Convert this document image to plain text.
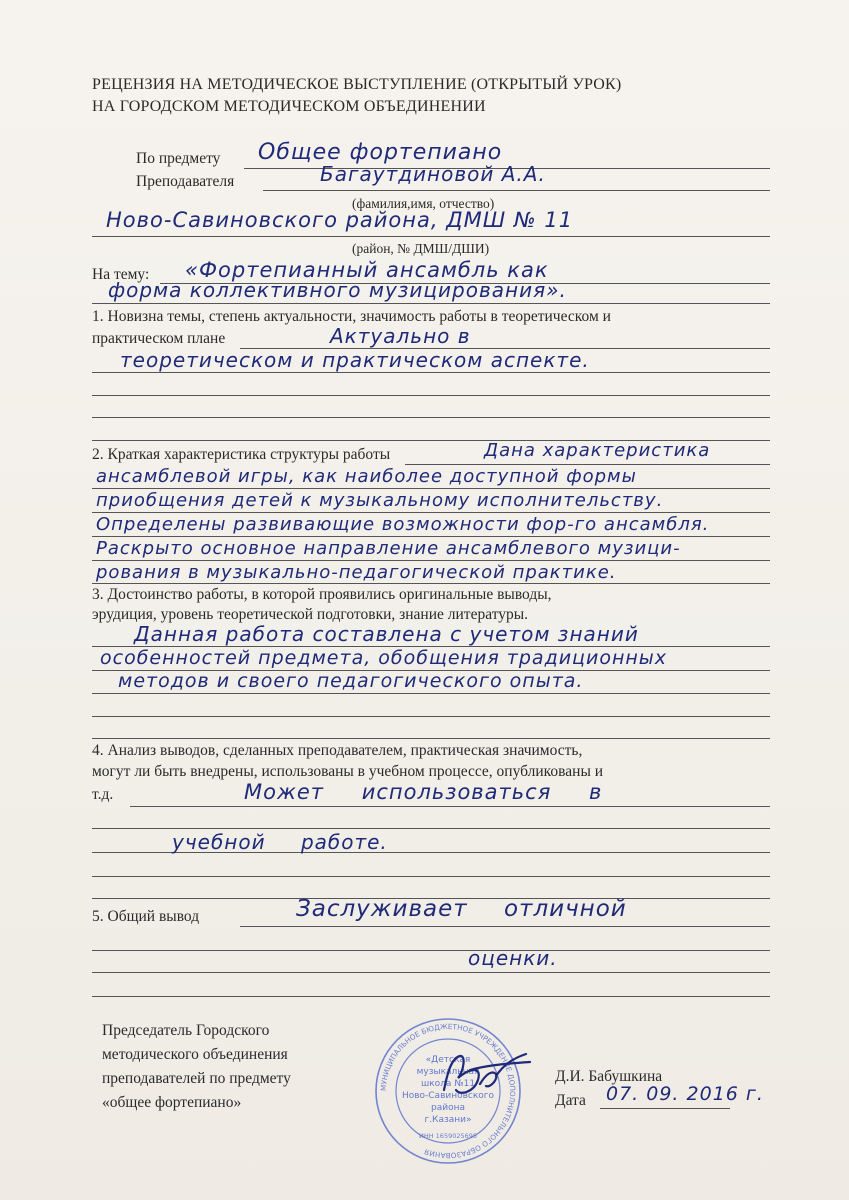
РЕЦЕНЗИЯ НА МЕТОДИЧЕСКОЕ ВЫСТУПЛЕНИЕ (ОТКРЫТЫЙ УРОК)
НА ГОРОДСКОМ МЕТОДИЧЕСКОМ ОБЪЕДИНЕНИИ
По предмету Общее фортепиано
Преподавателя	Багаутдиновой А.А.
(фамилия,имя, отчество)
Ново-Савиновского района, ДМШ № 11
(район, № ДМШ/ДШИ)
На тему: «Фортепианный ансамбль как
форма коллективного музицирования».
1. Новизна темы, степень актуальности, значимость работы в теоретическом и
практическом плане	Актуально в
теоретическом и практическом аспекте.
2. Краткая характеристика структуры работы	Дана характеристика
ансамблевой игры, как наиболее доступной формы
приобщения детей к музыкальному исполнительству.
Определены развивающие возможности фор-го ансамбля.
Раскрыто основное направление ансамблевого музици-
рования в музыкально-педагогической практике.
3. Достоинство работы, в которой проявились оригинальные выводы,
эрудиция, уровень теоретической подготовки, знание литературы.
Данная работа составлена с учетом знаний
особенностей предмета, обобщения традиционных
методов и своего педагогического опыта.
4. Анализ выводов, сделанных преподавателем, практическая значимость,
могут ли быть внедрены, использованы в учебном процессе, опубликованы и
т.д.	Может использоваться в
учебной работе.
5. Общий вывод	Заслуживает отличной
оценки.
Председатель Городского
методического объединения
преподавателей по предмету
«общее фортепиано»
Д.И. Бабушкина
Дата 07. 09. 2016 г.
МУНИЦИПАЛЬНОЕ БЮДЖЕТНОЕ УЧРЕЖДЕНИЕ ДОПОЛНИТЕЛЬНОГО ОБРАЗОВАНИЯ
«Детская
музыкальная
школа №11
Ново-Савиновского
района
г.Казани»
ИНН 1659025695
